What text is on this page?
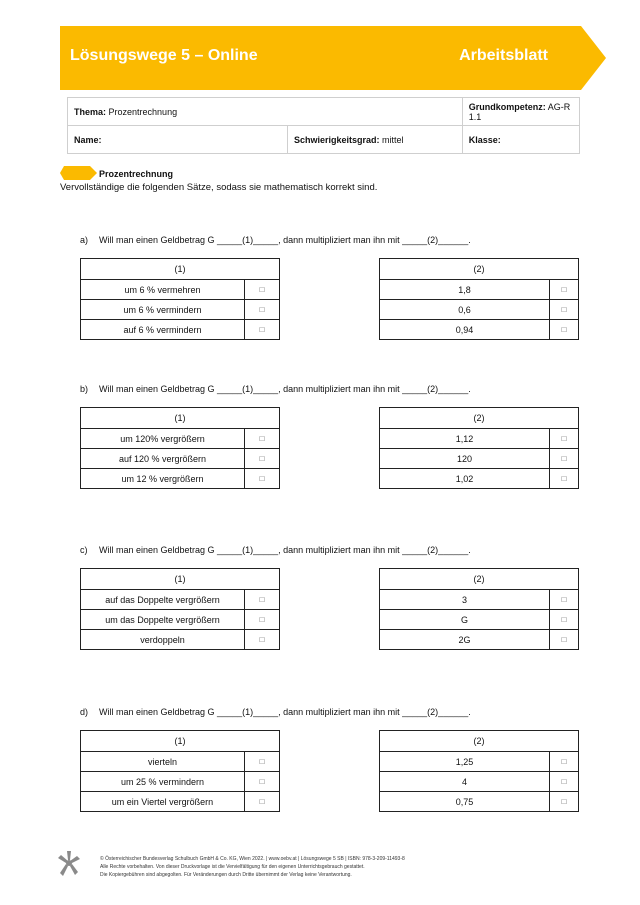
Lösungswege 5 – Online	Arbeitsblatt
Thema: Prozentrechnung		Grundkompetenz: AG-R 1.1
Name:	Schwierigkeitsgrad: mittel	Klasse:
Prozentrechnung
Vervollständige die folgenden Sätze, sodass sie mathematisch korrekt sind.
a) Will man einen Geldbetrag G _____(1)_____, dann multipliziert man ihn mit _____(2)______.
(1)	
um 6 % vermehren	□
um 6 % vermindern	□
auf 6 % vermindern	□
(2)	
1,8	□
0,6	□
0,94	□
b) Will man einen Geldbetrag G _____(1)_____, dann multipliziert man ihn mit _____(2)______.
(1)	
um 120% vergrößern	□
auf 120 % vergrößern	□
um 12 % vergrößern	□
(2)	
1,12	□
120	□
1,02	□
c) Will man einen Geldbetrag G _____(1)_____, dann multipliziert man ihn mit _____(2)______.
(1)	
auf das Doppelte vergrößern	□
um das Doppelte vergrößern	□
verdoppeln	□
(2)	
3	□
G	□
2G	□
d) Will man einen Geldbetrag G _____(1)_____, dann multipliziert man ihn mit _____(2)______.
(1)	
vierteln	□
um 25 % vermindern	□
um ein Viertel vergrößern	□
(2)	
1,25	□
4	□
0,75	□
© Österreichischer Bundesverlag Schulbuch GmbH & Co. KG, Wien 2022. | www.oebv.at | Lösungswege 5 SB | ISBN: 978-3-209-11493-8
Alle Rechte vorbehalten. Von dieser Druckvorlage ist die Vervielfältigung für den eigenen Unterrichtsgebrauch gestattet.
Die Kopiergebühren sind abgegolten. Für Veränderungen durch Dritte übernimmt der Verlag keine Verantwortung.
